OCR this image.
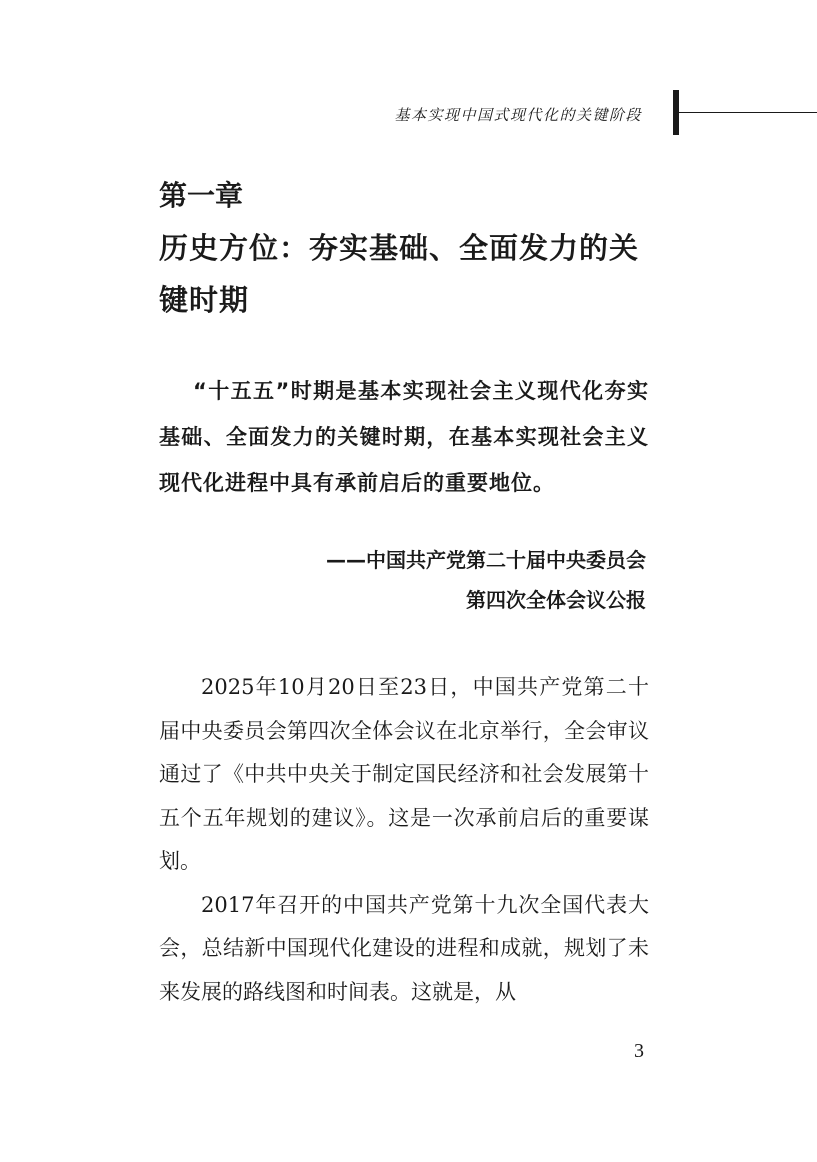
基本实现中国式现代化的关键阶段
第一章
历史方位：夯实基础、全面发力的关键时期
“十五五”时期是基本实现社会主义现代化夯实基础、全面发力的关键时期，在基本实现社会主义现代化进程中具有承前启后的重要地位。
——中国共产党第二十届中央委员会
第四次全体会议公报

2025年10月20日至23日，中国共产党第二十届中央委员会第四次全体会议在北京举行，全会审议通过了《中共中央关于制定国民经济和社会发展第十五个五年规划的建议》。这是一次承前启后的重要谋划。

2017年召开的中国共产党第十九次全国代表大会，总结新中国现代化建设的进程和成就，规划了未来发展的路线图和时间表。这就是，从

3
